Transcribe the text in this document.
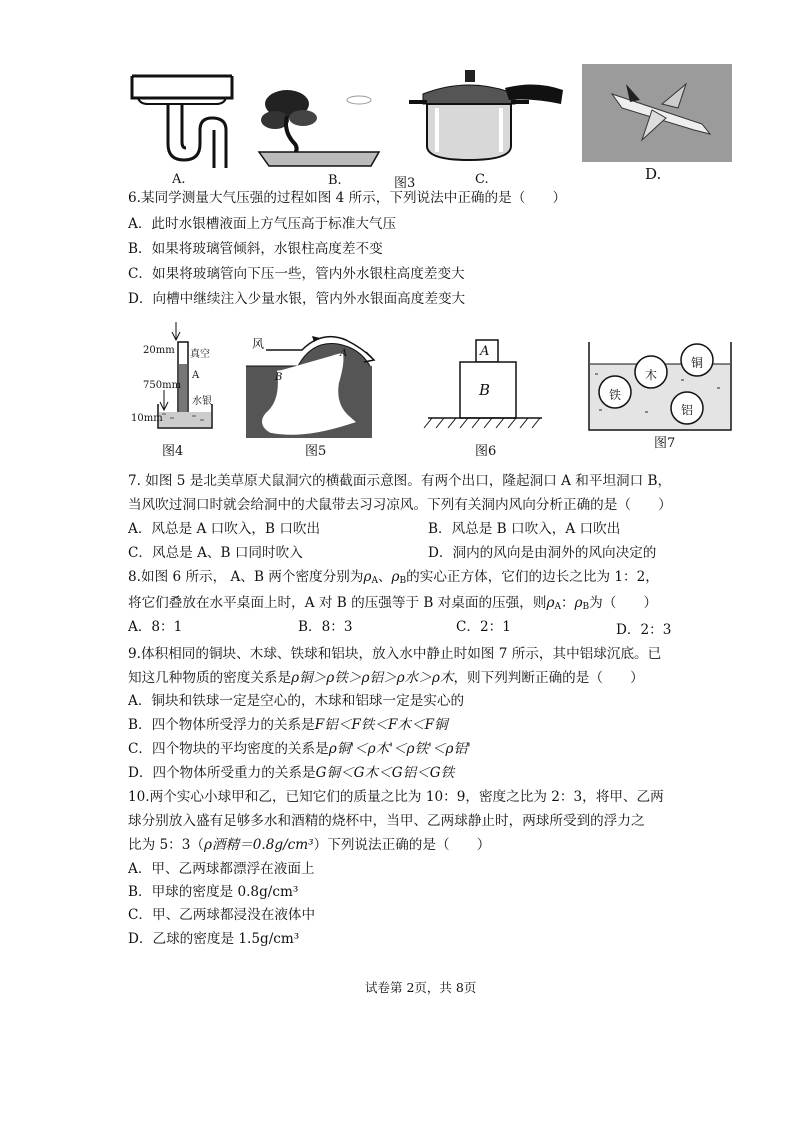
A.	B.	图3	C.	D.
6.某同学测量大气压强的过程如图 4 所示，下列说法中正确的是（　　）
A．此时水银槽液面上方气压高于标准大气压
B．如果将玻璃管倾斜，水银柱高度差不变
C．如果将玻璃管向下压一些，管内外水银柱高度差变大
D．向槽中继续注入少量水银，管内外水银面高度差变大
20mm 真空
A
750mm
水银
10mm
图4
风
A
B
图5
A
B
图6
木
铜
铁
铝
图7
7. 如图 5 是北美草原犬鼠洞穴的横截面示意图。有两个出口，隆起洞口 A 和平坦洞口 B，
当风吹过洞口时就会给洞中的犬鼠带去习习凉风。下列有关洞内风向分析正确的是（　　）
A．风总是 A 口吹入，B 口吹出	B．风总是 B 口吹入，A 口吹出
C．风总是 A、B 口同时吹入	D．洞内的风向是由洞外的风向决定的
8.如图 6 所示， A、B 两个密度分别为$\rho_A$、$\rho_B$的实心正方体，它们的边长之比为 1：2，
将它们叠放在水平桌面上时，A 对 B 的压强等于 B 对桌面的压强，则$\rho_A$：$\rho_B$为（　　）
A．8：1	B．8：3	C．2：1	D．2：3
9.体积相同的铜块、木球、铁球和铝块，放入水中静止时如图 7 所示，其中铝球沉底。已
知这几种物质的密度关系是ρ铜＞ρ铁＞ρ铝＞ρ水＞ρ木，则下列判断正确的是（　　）
A．铜块和铁球一定是空心的，木球和铝球一定是实心的
B．四个物体所受浮力的关系是F铝＜F铁＜F木＜F铜
C．四个物块的平均密度的关系是ρ铜'＜ρ木'＜ρ铁'＜ρ铝'
D．四个物体所受重力的关系是G铜＜G木＜G铝＜G铁
10.两个实心小球甲和乙，已知它们的质量之比为 10：9，密度之比为 2：3，将甲、乙两
球分别放入盛有足够多水和酒精的烧杯中，当甲、乙两球静止时，两球所受到的浮力之
比为 5：3（ρ酒精＝0.8g/cm³）下列说法正确的是（　　）
A．甲、乙两球都漂浮在液面上
B．甲球的密度是 0.8g/cm³
C．甲、乙两球都浸没在液体中
D．乙球的密度是 1.5g/cm³
试卷第 2页，共 8页
